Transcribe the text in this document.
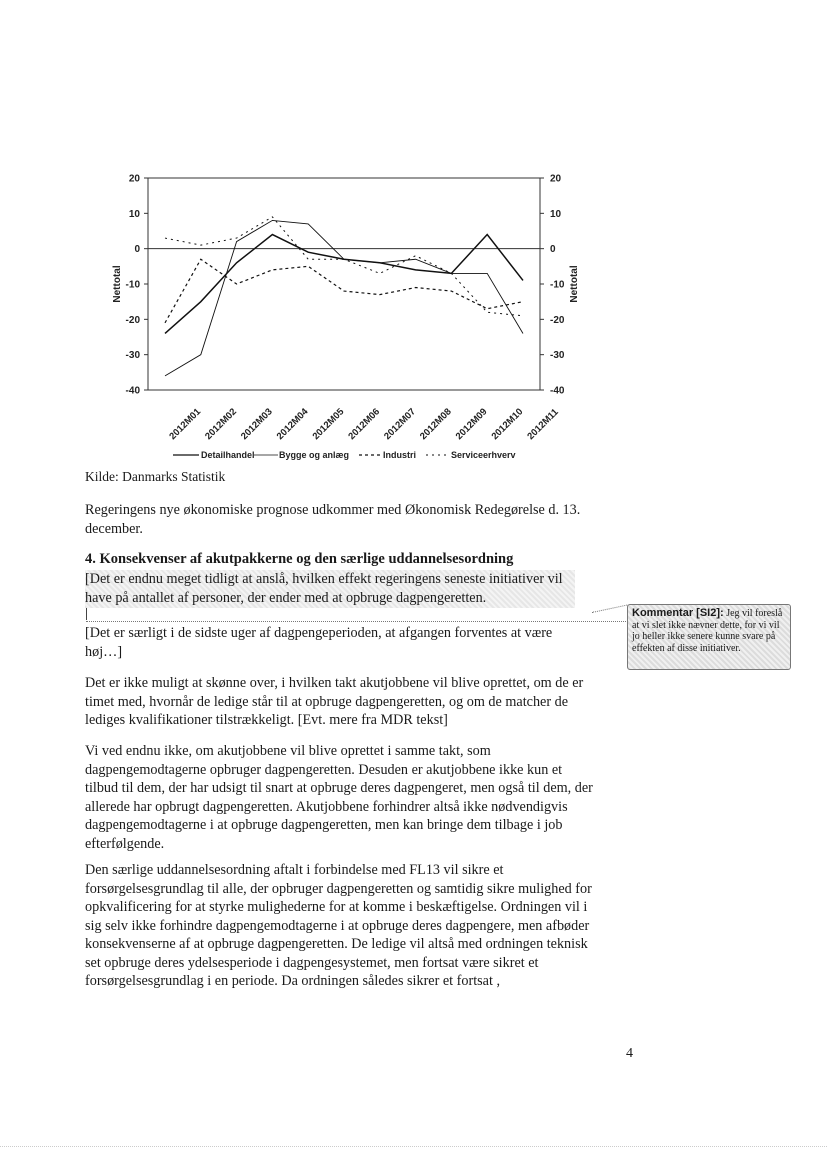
20	20
10	10
0	0
-10	-10
-20	-20
-30	-30
-40	-40
2012M01 2012M02 2012M03 2012M04 2012M05 2012M06 2012M07 2012M08 2012M09 2012M10 2012M11
Nettotal	Nettotal
Detailhandel	Bygge og anlæg	Industri	Serviceerhverv
Kilde: Danmarks Statistik
Regeringens nye økonomiske prognose udkommer med Økonomisk Redegørelse d. 13. december.
4. Konsekvenser af akutpakkerne og den særlige uddannelsesordning
[Det er endnu meget tidligt at anslå, hvilken effekt regeringens seneste initiativer vil have på antallet af personer, der ender med at opbruge dagpengeretten.
Kommentar [SI2]: Jeg vil foreslå at vi slet ikke nævner dette, for vi vil jo heller ikke senere kunne svare på effekten af disse initiativer.
[Det er særligt i de sidste uger af dagpengeperioden, at afgangen forventes at være høj…]
Det er ikke muligt at skønne over, i hvilken takt akutjobbene vil blive oprettet, om de er timet med, hvornår de ledige står til at opbruge dagpengeretten, og om de matcher de lediges kvalifikationer tilstrækkeligt. [Evt. mere fra MDR tekst]
Vi ved endnu ikke, om akutjobbene vil blive oprettet i samme takt, som dagpengemodtagerne opbruger dagpengeretten. Desuden er akutjobbene ikke kun et tilbud til dem, der har udsigt til snart at opbruge deres dagpengeret, men også til dem, der allerede har opbrugt dagpengeretten. Akutjobbene forhindrer altså ikke nødvendigvis dagpengemodtagerne i at opbruge dagpengeretten, men kan bringe dem tilbage i job efterfølgende.
Den særlige uddannelsesordning aftalt i forbindelse med FL13 vil sikre et forsørgelsesgrundlag til alle, der opbruger dagpengeretten og samtidig sikre mulighed for opkvalificering for at styrke mulighederne for at komme i beskæftigelse. Ordningen vil i sig selv ikke forhindre dagpengemodtagerne i at opbruge deres dagpengere, men afbøder konsekvenserne af at opbruge dagpengeretten. De ledige vil altså med ordningen teknisk set opbruge deres ydelsesperiode i dagpengesystemet, men fortsat være sikret et forsørgelsesgrundlag i en periode. Da ordningen således sikrer et fortsat ,
4
